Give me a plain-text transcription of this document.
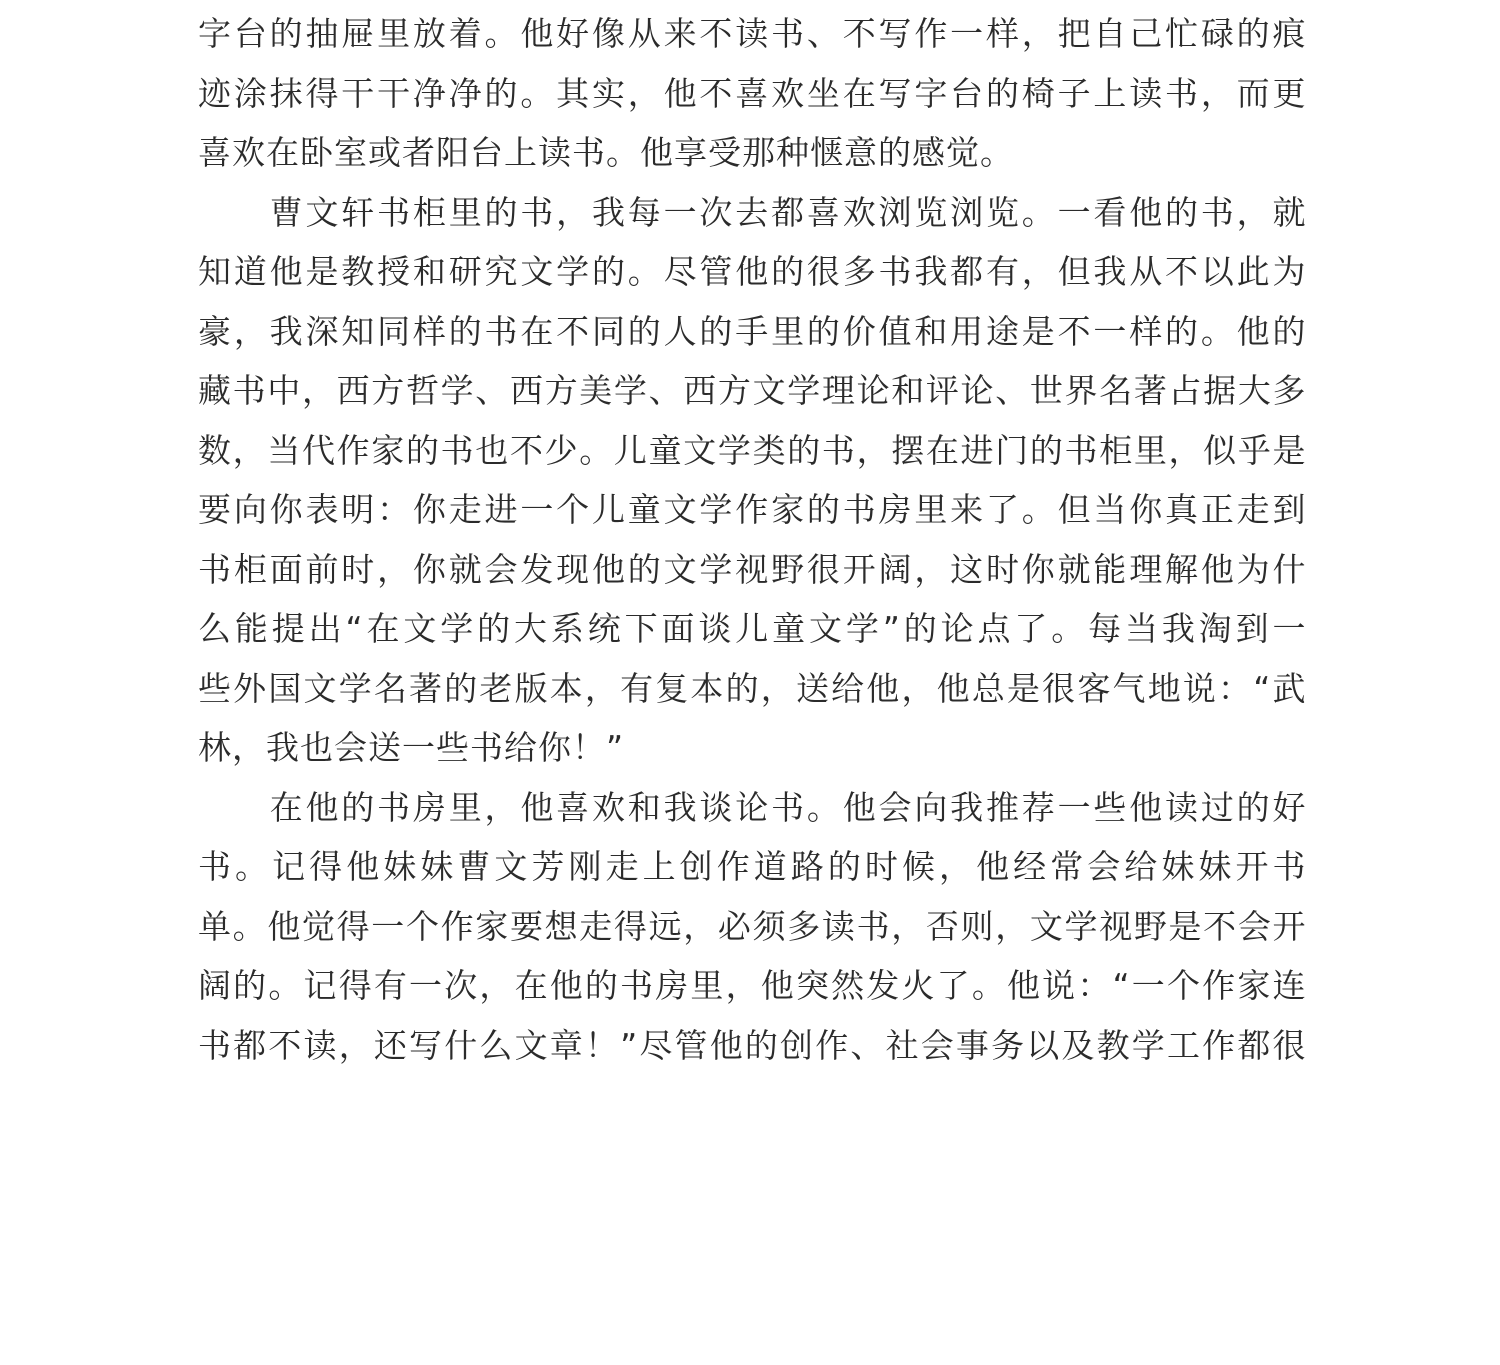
字台的抽屉里放着。他好像从来不读书、不写作一样，把自己忙碌的痕
迹涂抹得干干净净的。其实，他不喜欢坐在写字台的椅子上读书，而更
喜欢在卧室或者阳台上读书。他享受那种惬意的感觉。
　　曹文轩书柜里的书，我每一次去都喜欢浏览浏览。一看他的书，就
知道他是教授和研究文学的。尽管他的很多书我都有，但我从不以此为
豪，我深知同样的书在不同的人的手里的价值和用途是不一样的。他的
藏书中，西方哲学、西方美学、西方文学理论和评论、世界名著占据大多
数，当代作家的书也不少。儿童文学类的书，摆在进门的书柜里，似乎是
要向你表明：你走进一个儿童文学作家的书房里来了。但当你真正走到
书柜面前时，你就会发现他的文学视野很开阔，这时你就能理解他为什
么能提出“在文学的大系统下面谈儿童文学”的论点了。每当我淘到一
些外国文学名著的老版本，有复本的，送给他，他总是很客气地说：“武
林，我也会送一些书给你！”
　　在他的书房里，他喜欢和我谈论书。他会向我推荐一些他读过的好
书。记得他妹妹曹文芳刚走上创作道路的时候，他经常会给妹妹开书
单。他觉得一个作家要想走得远，必须多读书，否则，文学视野是不会开
阔的。记得有一次，在他的书房里，他突然发火了。他说：“一个作家连
书都不读，还写什么文章！”尽管他的创作、社会事务以及教学工作都很
